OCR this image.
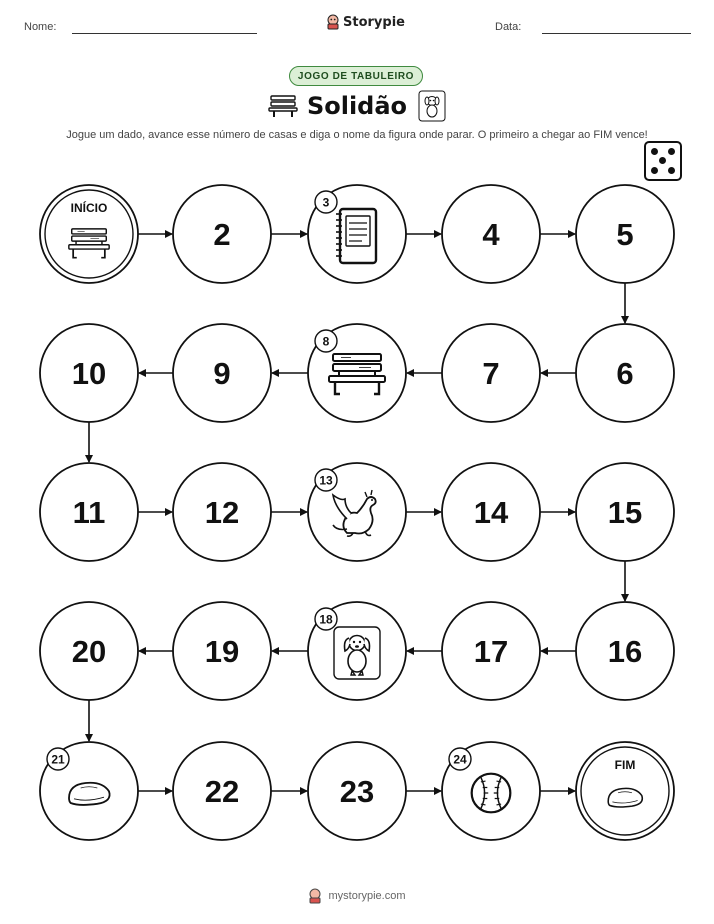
Nome:	Storypie	Data:
JOGO DE TABULEIRO
Solidão
Jogue um dado, avance esse número de casas e diga o nome da figura onde parar. O primeiro a chegar ao FIM vence!
INÍCIO
2
3
4	5
6
7
8
9
10
11	12
13
14	15
16
17
18
19
20
21
22	23
24	FIM
mystorypie.com
